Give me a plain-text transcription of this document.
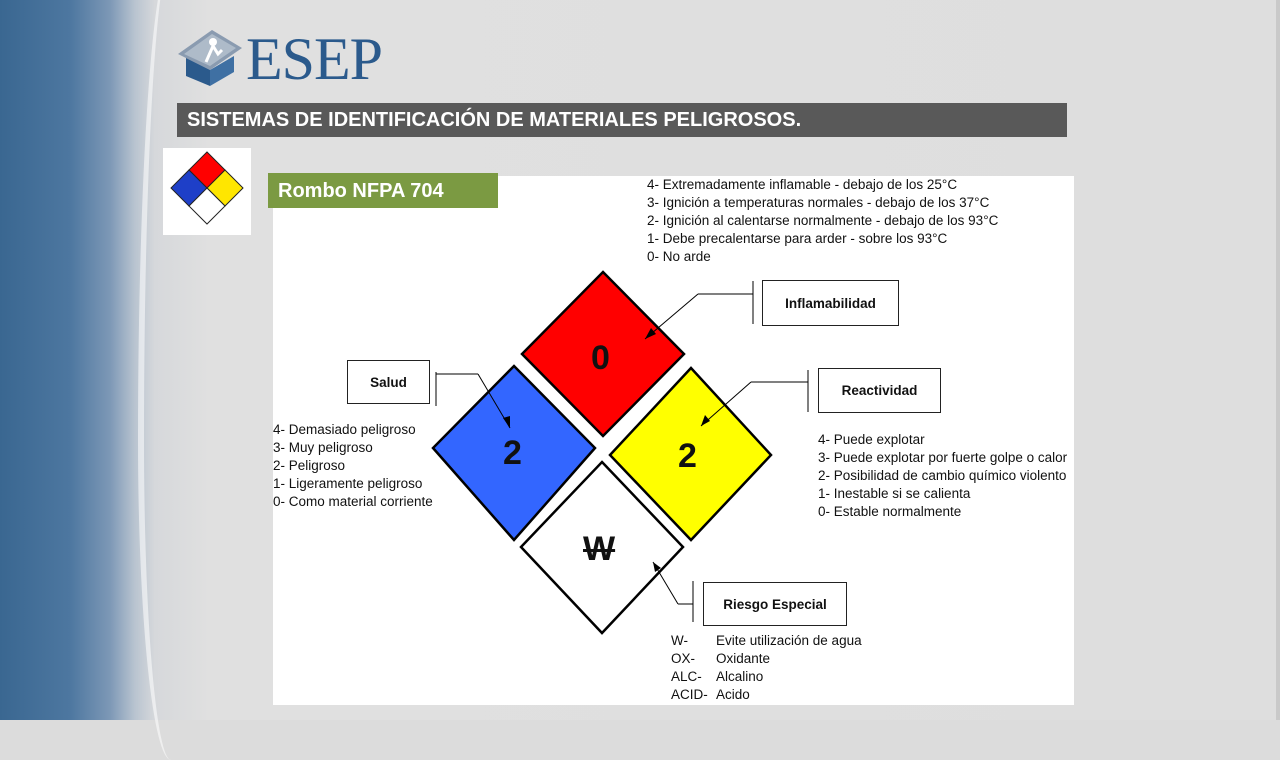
ESEP
SISTEMAS DE IDENTIFICACIÓN DE MATERIALES PELIGROSOS.
0
2	2
W
4- Extremadamente inflamable - debajo de los 25°C
3- Ignición a temperaturas normales - debajo de los 37°C
2- Ignición al calentarse normalmente - debajo de los 93°C
1- Debe precalentarse para arder - sobre los 93°C
0- No arde
Inflamabilidad
Salud
4- Demasiado peligroso
3- Muy peligroso
2- Peligroso
1- Ligeramente peligroso
0- Como material corriente
Reactividad
4- Puede explotar
3- Puede explotar por fuerte golpe o calor
2- Posibilidad de cambio químico violento
1- Inestable si se calienta
0- Estable normalmente
Riesgo Especial
W- Evite utilización de agua
OX- Oxidante
ALC- Alcalino
ACID- Acido
Rombo NFPA 704
